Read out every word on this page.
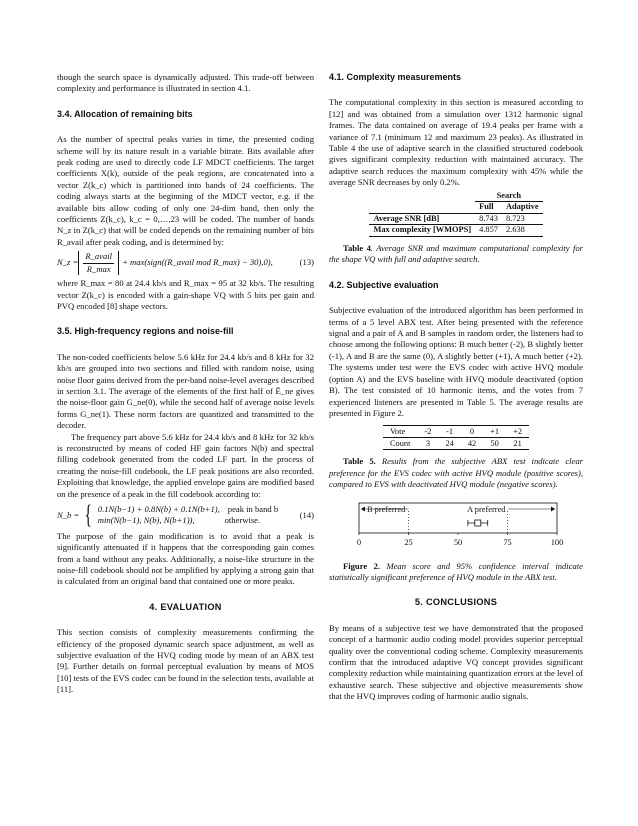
though the search space is dynamically adjusted. This trade-off between complexity and performance is illustrated in section 4.1.

3.4. Allocation of remaining bits

As the number of spectral peaks varies in time, the presented coding scheme will by its nature result in a variable bitrate. Bits available after peak coding are used to directly code LF MDCT coefficients. The target coefficients X(k), outside of the peak regions, are concatenated into a vector Z(k_c) which is partitioned into bands of 24 coefficients. The coding always starts at the beginning of the MDCT vector, e.g. if the available bits allow coding of only one 24-dim band, then only the coefficients Z(k_c), k_c = 0,…,23 will be coded. The number of bands N_z in Z(k_c) that will be coded depends on the remaining number of bits R_avail after peak coding, and is determined by:

N_z = $\frac{\text{R\_avail}}{R\_\max}$ + max(sign((R_avail mod R_max) − 30),0),	(13)

where R_max = 80 at 24.4 kb/s and R_max = 95 at 32 kb/s. The resulting vector Z(k_c) is encoded with a gain-shape VQ with 5 bits per gain and PVQ encoded [8] shape vectors.

3.5. High-frequency regions and noise-fill

The non-coded coefficients below 5.6 kHz for 24.4 kb/s and 8 kHz for 32 kb/s are grouped into two sections and filled with random noise, using noise floor gains derived from the per-band noise-level averages described in section 3.1. The average of the elements of the first half of Ē_ne gives the noise-floor gain G_ne(0), while the second half of average noise levels forms G_ne(1). These norm factors are quantized and transmitted to the decoder.

The frequency part above 5.6 kHz for 24.4 kb/s and 8 kHz for 32 kb/s is reconstructed by means of coded HF gain factors N(b) and spectral filling codebook generated from the coded LF part. In the process of creating the noise-fill codebook, the LF peak positions are also recorded. Exploiting that knowledge, the applied envelope gains are modified based on the presence of a peak in the fill codebook according to:

N_b = { 0.1N(b−1) + 0.8N(b) + 0.1N(b+1), peak in band b
min(N(b−1), N(b), N(b+1)),	otherwise.
(14)

The purpose of the gain modification is to avoid that a peak is significantly attenuated if it happens that the corresponding gain comes from a band without any peaks. Additionally, a noise-like structure in the noise-fill codebook should not be amplified by applying a strong gain that is calculated from an original band that contained one or more peaks.

4. EVALUATION

This section consists of complexity measurements confirming the efficiency of the proposed dynamic search space adjustment, as well as subjective evaluation of the HVQ coding mode by mean of an ABX test [9]. Further details on formal perceptual evaluation by means of MOS [10] tests of the EVS codec can be found in the selection tests, available at [11].

4.1. Complexity measurements

The computational complexity in this section is measured according to [12] and was obtained from a simulation over 1312 harmonic signal frames. The data contained on average of 19.4 peaks per frame with a variance of 7.1 (minimum 12 and maximum 23 peaks). As illustrated in Table 4 the use of adaptive search in the classified structured codebook gives significant complexity reduction with maintained accuracy. The adaptive search reduces the maximum complexity with 45% while the average SNR decreases by only 0.2%.

	Search	
	Full	Adaptive
Average SNR [dB]	8.743	8.723
Max complexity [WMOPS]	4.857	2.638

Table 4. Average SNR and maximum computational complexity for the shape VQ with full and adaptive search.

4.2. Subjective evaluation

Subjective evaluation of the introduced algorithm has been performed in terms of a 5 level ABX test. After being presented with the reference signal and a pair of A and B samples in random order, the listeners had to choose among the following options: B much better (-2), B slightly better (-1), A and B are the same (0), A slightly better (+1), A much better (+2). The systems under test were the EVS codec with active HVQ module (option A) and the EVS baseline with HVQ module deactivated (option B). The test consisted of 10 harmonic items, and the votes from 7 experienced listeners are presented in Table 5. The average results are presented in Figure 2.

Vote	-2	-1	0	+1	+2
Count	3	24	42	50	21

Table 5. Results from the subjective ABX test indicate clear preference for the EVS codec with active HVQ module (positive scores), compared to EVS with deactivated HVQ module (negative scores).

B preferred	A preferred
0	25	50	75	100

Figure 2. Mean score and 95% confidence interval indicate statistically significant preference of HVQ module in the ABX test.

5. CONCLUSIONS

By means of a subjective test we have demonstrated that the proposed concept of a harmonic audio coding model provides superior perceptual quality over the conventional coding scheme. Complexity measurements confirm that the introduced adaptive VQ concept provides significant complexity reduction while maintaining quantization errors at the level of exhaustive search. These subjective and objective measurements show that the HVQ improves coding of harmonic audio signals.
